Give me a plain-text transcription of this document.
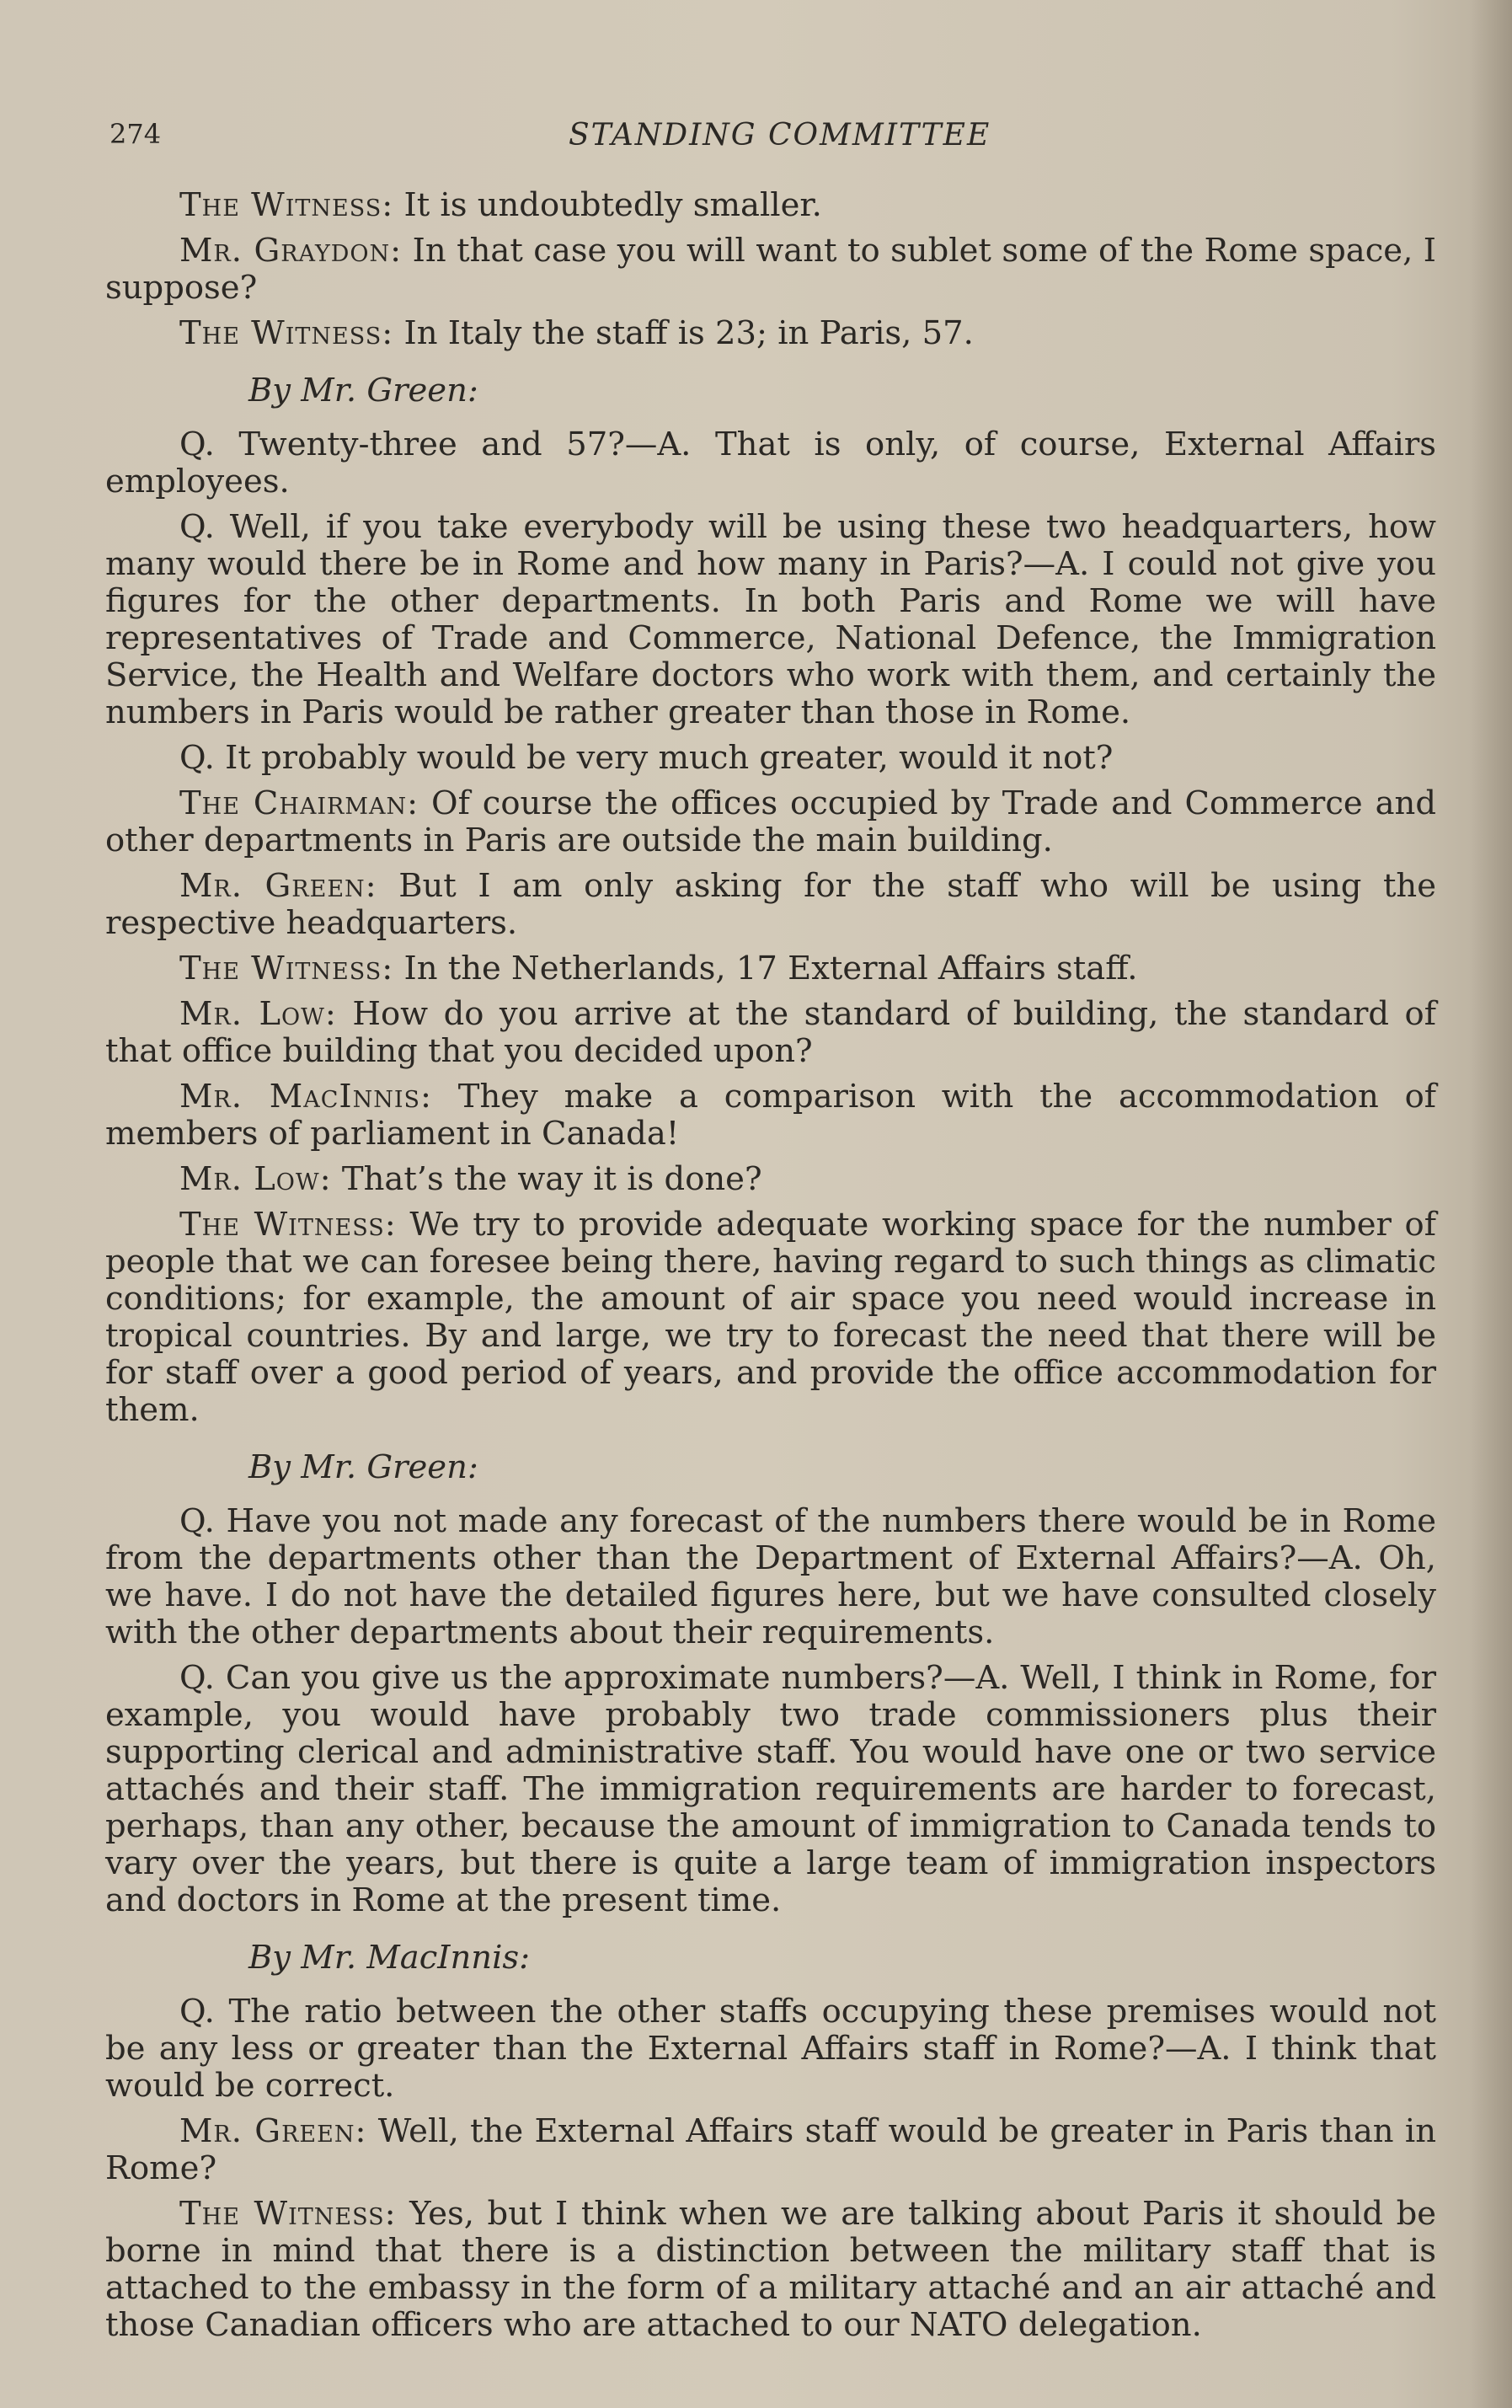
274	STANDING COMMITTEE

The Witness: It is undoubtedly smaller.

Mr. Graydon: In that case you will want to sublet some of the Rome space, I suppose?

The Witness: In Italy the staff is 23; in Paris, 57.

By Mr. Green:

Q. Twenty-three and 57?—A. That is only, of course, External Affairs employees.

Q. Well, if you take everybody will be using these two headquarters, how many would there be in Rome and how many in Paris?—A. I could not give you figures for the other departments. In both Paris and Rome we will have representatives of Trade and Commerce, National Defence, the Immigration Service, the Health and Welfare doctors who work with them, and certainly the numbers in Paris would be rather greater than those in Rome.

Q. It probably would be very much greater, would it not?

The Chairman: Of course the offices occupied by Trade and Commerce and other departments in Paris are outside the main building.

Mr. Green: But I am only asking for the staff who will be using the respective headquarters.

The Witness: In the Netherlands, 17 External Affairs staff.

Mr. Low: How do you arrive at the standard of building, the standard of that office building that you decided upon?

Mr. MacInnis: They make a comparison with the accommodation of members of parliament in Canada!

Mr. Low: That’s the way it is done?

The Witness: We try to provide adequate working space for the number of people that we can foresee being there, having regard to such things as climatic conditions; for example, the amount of air space you need would increase in tropical countries. By and large, we try to forecast the need that there will be for staff over a good period of years, and provide the office accommodation for them.

By Mr. Green:

Q. Have you not made any forecast of the numbers there would be in Rome from the departments other than the Department of External Affairs?—A. Oh, we have. I do not have the detailed figures here, but we have consulted closely with the other departments about their requirements.

Q. Can you give us the approximate numbers?—A. Well, I think in Rome, for example, you would have probably two trade commissioners plus their supporting clerical and administrative staff. You would have one or two service attachés and their staff. The immigration requirements are harder to forecast, perhaps, than any other, because the amount of immigration to Canada tends to vary over the years, but there is quite a large team of immigration inspectors and doctors in Rome at the present time.

By Mr. MacInnis:

Q. The ratio between the other staffs occupying these premises would not be any less or greater than the External Affairs staff in Rome?—A. I think that would be correct.

Mr. Green: Well, the External Affairs staff would be greater in Paris than in Rome?

The Witness: Yes, but I think when we are talking about Paris it should be borne in mind that there is a distinction between the military staff that is attached to the embassy in the form of a military attaché and an air attaché and those Canadian officers who are attached to our NATO delegation.
